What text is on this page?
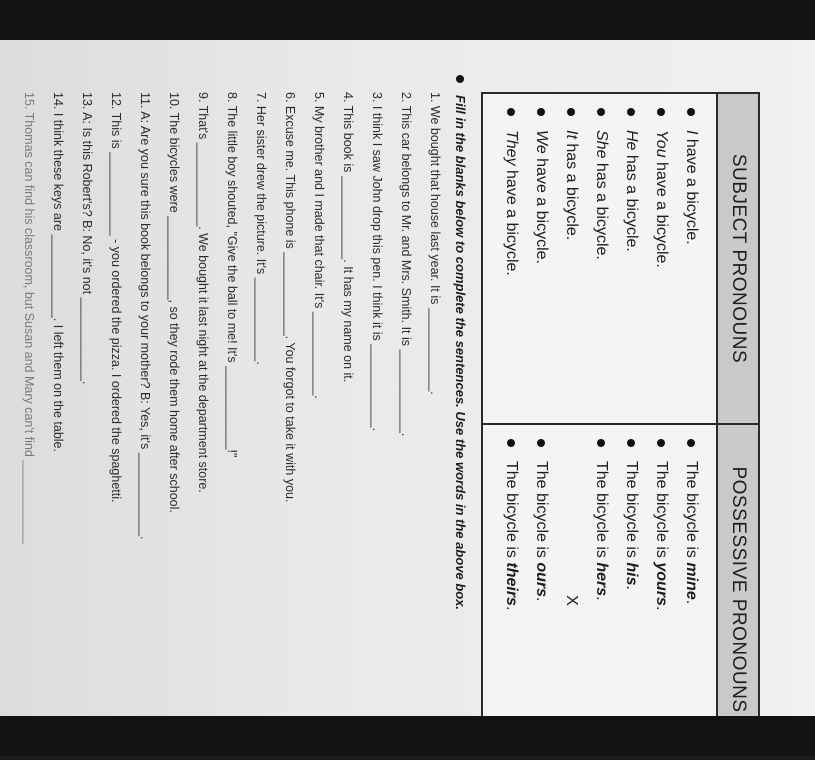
SUBJECT PRONOUNS
POSSESSIVE PRONOUNS
I have a bicycle.
You have a bicycle.
He has a bicycle.
She has a bicycle.
It has a bicycle.
We have a bicycle.
They have a bicycle.
The bicycle is mine.
The bicycle is yours.
The bicycle is his.
The bicycle is hers.
X
The bicycle is ours.
The bicycle is theirs.
Fill in the blanks below to complete the sentences. Use the words in the above box.
1. We bought that house last year. It is ____________.
2. This car belongs to Mr. and Mrs. Smith. It is ____________.
3. I think I saw John drop this pen. I think it is ____________.
4. This book is ____________. It has my name on it.
5. My brother and I made that chair. It's ____________.
6. Excuse me. This phone is ____________. You forgot to take it with you.
7. Her sister drew the picture. It's ____________.
8. The little boy shouted, "Give the ball to me! It's ____________!"
9. That's ____________. We bought it last night at the department store.
10. The bicycles were ____________, so they rode them home after school.
11. A: Are you sure this book belongs to your mother? B: Yes, it's ____________.
12. This is ____________ - you ordered the pizza. I ordered the spaghetti.
13. A: Is this Robert's? B: No, it's not ____________.
14. I think these keys are ____________. I left them on the table.
15. Thomas can find his classroom, but Susan and Mary can't find ____________
